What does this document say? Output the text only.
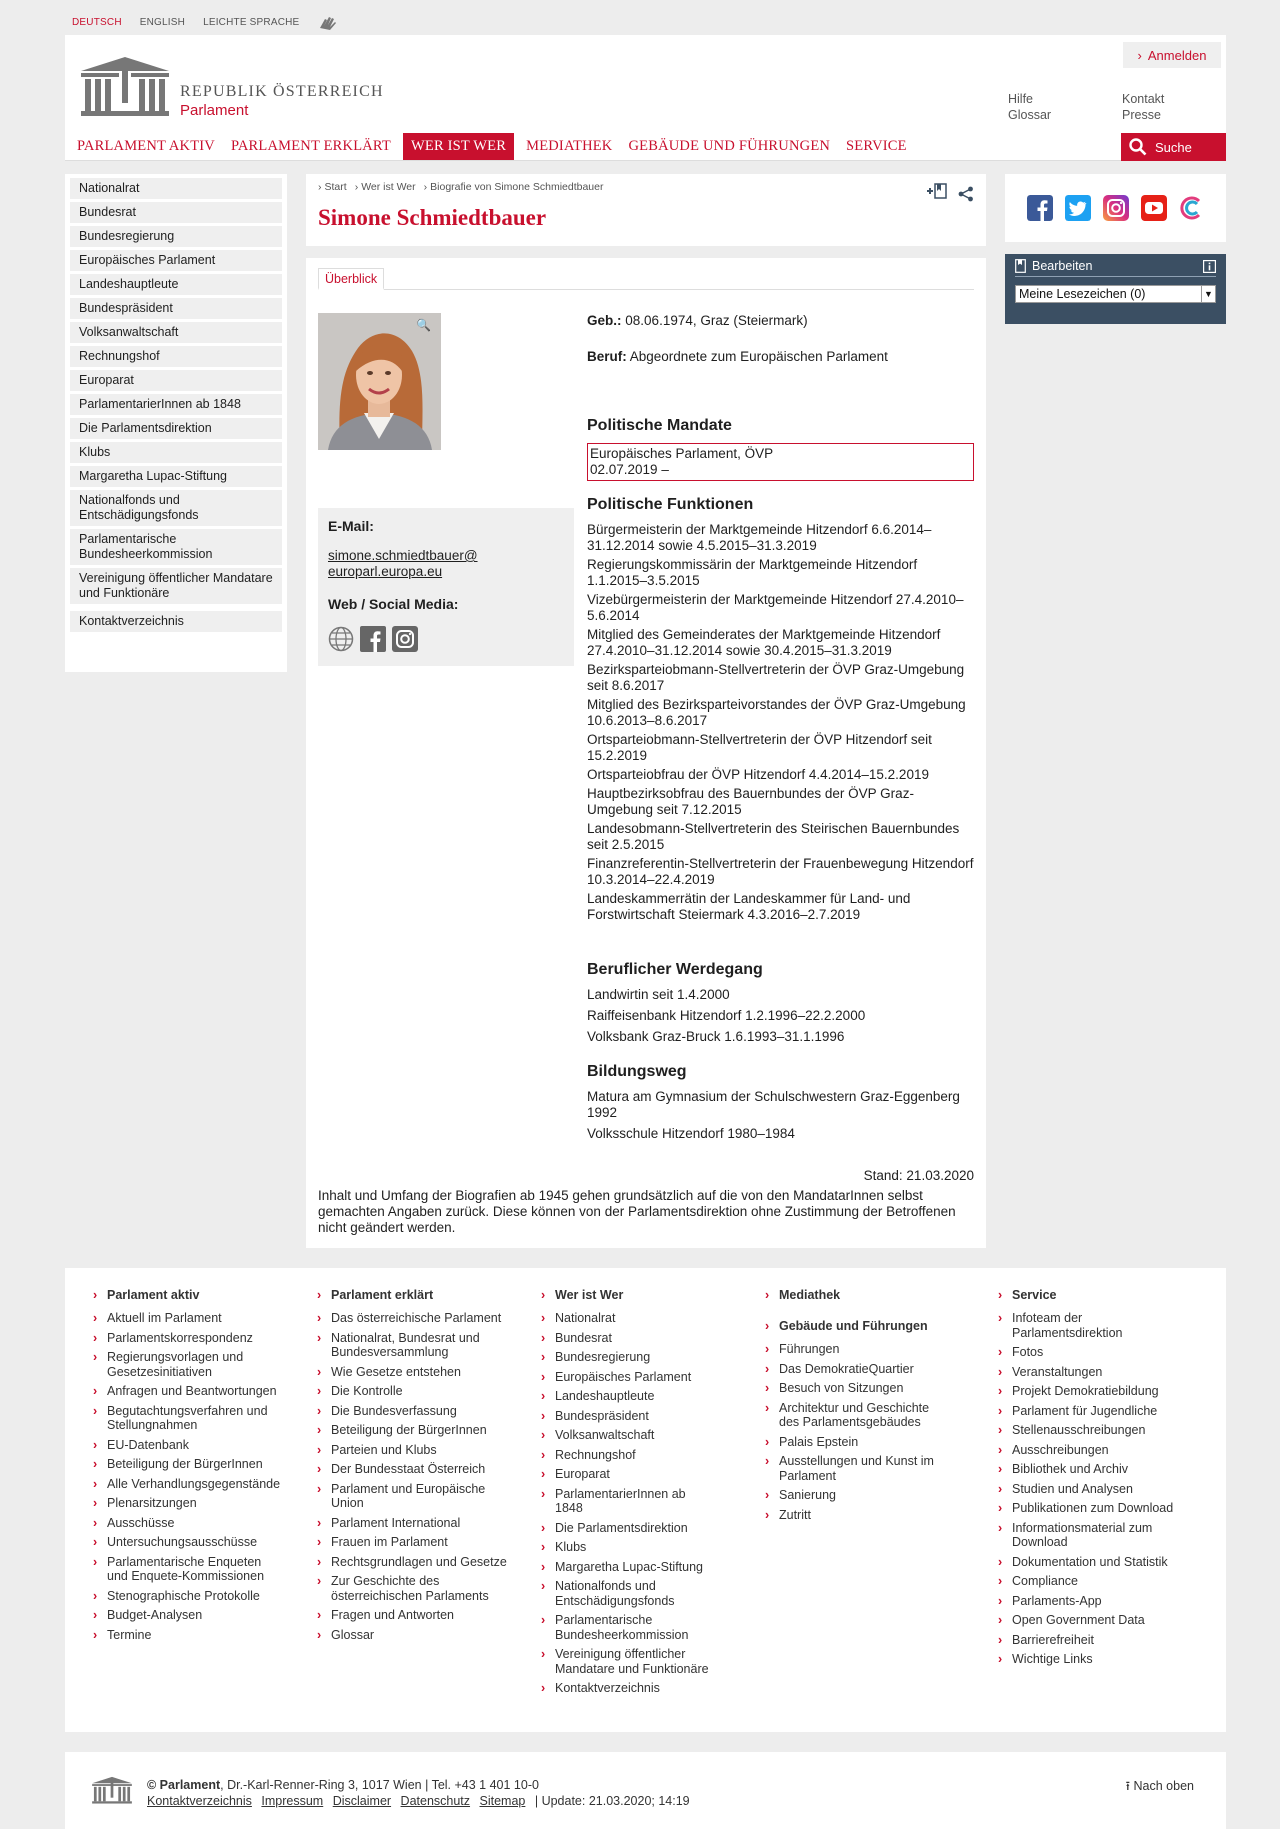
DEUTSCH ENGLISH LEICHTE SPRACHE
REPUBLIK ÖSTERREICH
Parlament
› Anmelden
Hilfe
Glossar
Kontakt
Presse
PARLAMENT AKTIV	PARLAMENT ERKLÄRT	WER IST WER	MEDIATHEK	GEBÄUDE UND FÜHRUNGEN	SERVICE	Suche
Nationalrat
Bundesrat
Bundesregierung
Europäisches Parlament
Landeshauptleute
Bundespräsident
Volksanwaltschaft
Rechnungshof
Europarat
ParlamentarierInnen ab 1848
Die Parlamentsdirektion
Klubs
Margaretha Lupac-Stiftung
Nationalfonds und Entschädigungsfonds
Parlamentarische Bundesheerkommission
Vereinigung öffentlicher Mandatare und Funktionäre
Kontaktverzeichnis
› Start	› Wer ist Wer	› Biografie von Simone Schmiedtbauer
Simone Schmiedtbauer
Überblick
🔍
E-Mail:
simone.schmiedtbauer@
europarl.europa.eu
Web / Social Media:

Geb.: 08.06.1974, Graz (Steiermark)

Beruf: Abgeordnete zum Europäischen Parlament

Politische Mandate
Europäisches Parlament, ÖVP
02.07.2019 –
Politische Funktionen

Bürgermeisterin der Marktgemeinde Hitzendorf 6.6.2014–31.12.2014 sowie 4.5.2015–31.3.2019

Regierungskommissärin der Marktgemeinde Hitzendorf 1.1.2015–3.5.2015

Vizebürgermeisterin der Marktgemeinde Hitzendorf 27.4.2010–5.6.2014

Mitglied des Gemeinderates der Marktgemeinde Hitzendorf 27.4.2010–31.12.2014 sowie 30.4.2015–31.3.2019

Bezirksparteiobmann-Stellvertreterin der ÖVP Graz-Umgebung seit 8.6.2017

Mitglied des Bezirksparteivorstandes der ÖVP Graz-Umgebung 10.6.2013–8.6.2017

Ortsparteiobmann-Stellvertreterin der ÖVP Hitzendorf seit 15.2.2019

Ortsparteiobfrau der ÖVP Hitzendorf 4.4.2014–15.2.2019

Hauptbezirksobfrau des Bauernbundes der ÖVP Graz-Umgebung seit 7.12.2015

Landesobmann-Stellvertreterin des Steirischen Bauernbundes seit 2.5.2015

Finanzreferentin-Stellvertreterin der Frauenbewegung Hitzendorf 10.3.2014–22.4.2019

Landeskammerrätin der Landeskammer für Land- und Forstwirtschaft Steiermark 4.3.2016–2.7.2019

Beruflicher Werdegang

Landwirtin seit 1.4.2000

Raiffeisenbank Hitzendorf 1.2.1996–22.2.2000

Volksbank Graz-Bruck 1.6.1993–31.1.1996

Bildungsweg

Matura am Gymnasium der Schulschwestern Graz-Eggenberg 1992

Volksschule Hitzendorf 1980–1984

Stand: 21.03.2020

Inhalt und Umfang der Biografien ab 1945 gehen grundsätzlich auf die von den MandatarInnen selbst gemachten Angaben zurück. Diese können von der Parlamentsdirektion ohne Zustimmung der Betroffenen nicht geändert werden.

Bearbeiten
Meine Lesezeichen (0)	▼
› Parlament aktiv
› Aktuell im Parlament
› Parlamentskorrespondenz
› Regierungsvorlagen und Gesetzesinitiativen
› Anfragen und Beantwortungen
› Begutachtungsverfahren und Stellungnahmen
› EU-Datenbank
› Beteiligung der BürgerInnen
› Alle Verhandlungsgegenstände
› Plenarsitzungen
› Ausschüsse
› Untersuchungsausschüsse
› Parlamentarische Enqueten und Enquete-Kommissionen
› Stenographische Protokolle
› Budget-Analysen
› Termine
› Parlament erklärt
› Das österreichische Parlament
› Nationalrat, Bundesrat und Bundesversammlung
› Wie Gesetze entstehen
› Die Kontrolle
› Die Bundesverfassung
› Beteiligung der BürgerInnen
› Parteien und Klubs
› Der Bundesstaat Österreich
› Parlament und Europäische Union
› Parlament International
› Frauen im Parlament
› Rechtsgrundlagen und Gesetze
› Zur Geschichte des österreichischen Parlaments
› Fragen und Antworten
› Glossar
› Wer ist Wer
› Nationalrat
› Bundesrat
› Bundesregierung
› Europäisches Parlament
› Landeshauptleute
› Bundespräsident
› Volksanwaltschaft
› Rechnungshof
› Europarat
› ParlamentarierInnen ab 1848
› Die Parlamentsdirektion
› Klubs
› Margaretha Lupac-Stiftung
› Nationalfonds und Entschädigungsfonds
› Parlamentarische Bundesheerkommission
› Vereinigung öffentlicher Mandatare und Funktionäre
› Kontaktverzeichnis
› Mediathek
› Gebäude und Führungen
› Führungen
› Das DemokratieQuartier
› Besuch von Sitzungen
› Architektur und Geschichte des Parlamentsgebäudes
› Palais Epstein
› Ausstellungen und Kunst im Parlament
› Sanierung
› Zutritt
› Service
› Infoteam der Parlamentsdirektion
› Fotos
› Veranstaltungen
› Projekt Demokratiebildung
› Parlament für Jugendliche
› Stellenausschreibungen
› Ausschreibungen
› Bibliothek und Archiv
› Studien und Analysen
› Publikationen zum Download
› Informationsmaterial zum Download
› Dokumentation und Statistik
› Compliance
› Parlaments-App
› Open Government Data
› Barrierefreiheit
› Wichtige Links
© Parlament, Dr.-Karl-Renner-Ring 3, 1017 Wien | Tel. +43 1 401 10-0
Kontaktverzeichnis Impressum Disclaimer Datenschutz Sitemap | Update: 21.03.2020; 14:19
⭱ Nach oben
